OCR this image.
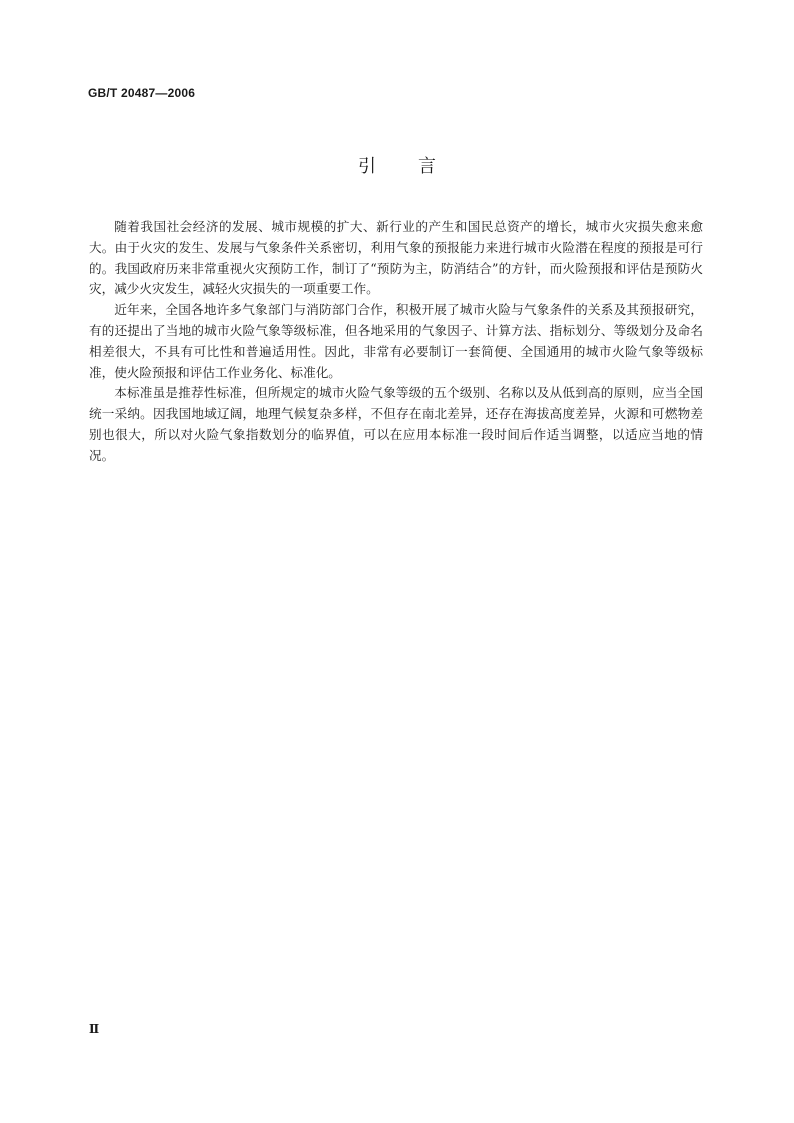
GB/T 20487—2006
引言

随着我国社会经济的发展、城市规模的扩大、新行业的产生和国民总资产的增长，城市火灾损失愈来愈大。由于火灾的发生、发展与气象条件关系密切，利用气象的预报能力来进行城市火险潜在程度的预报是可行的。我国政府历来非常重视火灾预防工作，制订了“预防为主，防消结合”的方针，而火险预报和评估是预防火灾，减少火灾发生，减轻火灾损失的一项重要工作。

近年来，全国各地许多气象部门与消防部门合作，积极开展了城市火险与气象条件的关系及其预报研究，有的还提出了当地的城市火险气象等级标准，但各地采用的气象因子、计算方法、指标划分、等级划分及命名相差很大，不具有可比性和普遍适用性。因此，非常有必要制订一套简便、全国通用的城市火险气象等级标准，使火险预报和评估工作业务化、标准化。

本标准虽是推荐性标准，但所规定的城市火险气象等级的五个级别、名称以及从低到高的原则，应当全国统一采纳。因我国地域辽阔，地理气候复杂多样，不但存在南北差异，还存在海拔高度差异，火源和可燃物差别也很大，所以对火险气象指数划分的临界值，可以在应用本标准一段时间后作适当调整，以适应当地的情况。

Ⅱ
